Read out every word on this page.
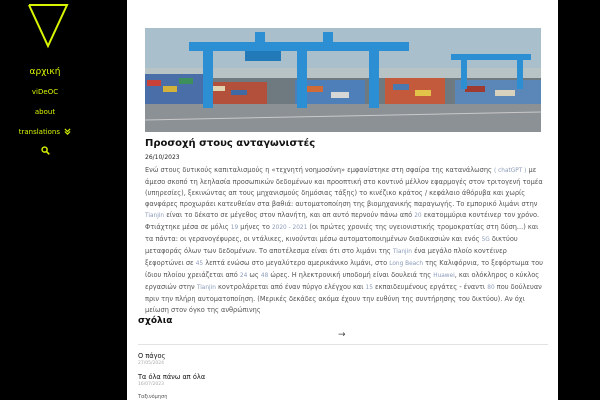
αρχική
viDeOC
about
translations
Προσοχή στους ανταγωνιστές
26/10/2023
Ενώ στους δυτικούς καπιταλισμούς η «τεχνητή νοημοσύνη» εμφανίστηκε στη σφαίρα της κατανάλωσης ( chatGPT ) με άμεσο σκοπό τη λεηλασία προσωπικών δεδομένων και προοπτική στο κοντινό μέλλον εφαρμογές στον τριτογενή τομέα (υπηρεσίες), ξεκινώντας απ τους μηχανισμούς δημόσιας τάξης) το κινέζικο κράτος / κεφάλαιο άθόρυβα και χωρίς φανφάρες προχωράει κατευθείαν στα βαθιά: αυτοματοποίηση της βιομηχανικής παραγωγής. Το εμπορικό λιμάνι στην Tianjin είναι το δέκατο σε μέγεθος στον πλανήτη, και απ αυτό περνούν πάνω από 20 εκατομμύρια κοντέινερ τον χρόνο. Φτιάχτηκε μέσα σε μόλις 19 μήνες το 2020 - 2021 (οι πρώτες χρονιές της υγειονιστικής τρομοκρατίας στη δύση...) και τα πάντα: οι γερανογέφυρες, οι ντάλικες, κινούνται μέσω αυτοματοποιημένων διαδικασιών και ενός 5G δικτύου μεταφοράς όλων των δεδομένων. Το αποτέλεσμα είναι ότι στο λιμάνι της Tianjin ένα μεγάλο πλοίο κοντέινερ ξεφορτώνει σε 45 λεπτά ενώσω στο μεγαλύτερο αμερικάνικο λιμάνι, στο Long Beach της Καλιφόρνια, το ξεφόρτωμα του ίδιου πλοίου χρειάζεται από 24 ως 48 ώρες. Η ηλεκτρονική υποδομή είναι δουλειά της Huawei, και ολόκληρος ο κύκλος εργασιών στην Tianjin κοντρολάρεται από έναν πύργο ελέγχου και 15 εκπαιδευμένους εργάτες - έναντι 80 που δούλευαν πριν την πλήρη αυτοματοποίηση. (Μερικές δεκάδες ακόμα έχουν την ευθύνη της συντήρησης του δικτύου). Αν όχι μείωση στον όγκο της ανθρώπινης
σχόλια
→
Ο πάγος
27/05/2024
Τα όλα πάνω απ όλα
16/07/2023
Ταξινόμηση
